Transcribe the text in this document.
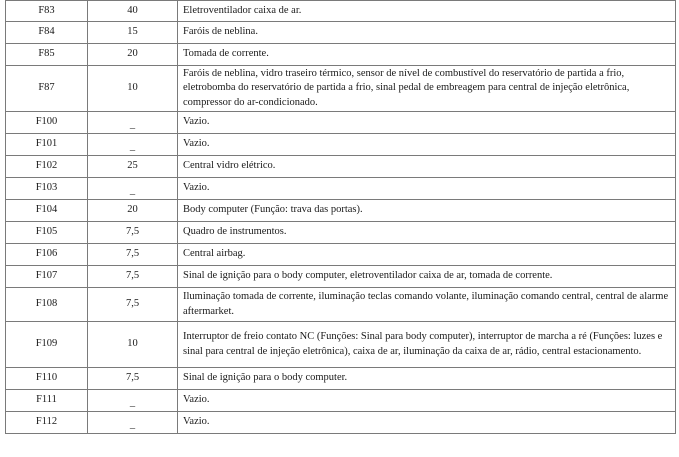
F83	40	Eletroventilador caixa de ar.
F84	15	Faróis de neblina.
F85	20	Tomada de corrente.
F87	10	Faróis de neblina, vidro traseiro térmico, sensor de nível de combustível do reservatório de partida a frio, eletrobomba do reservatório de partida a frio, sinal pedal de embreagem para central de injeção eletrônica, compressor do ar-condicionado.
F100	_	Vazio.
F101	_	Vazio.
F102	25	Central vidro elétrico.
F103	_	Vazio.
F104	20	Body computer (Função: trava das portas).
F105	7,5	Quadro de instrumentos.
F106	7,5	Central airbag.
F107	7,5	Sinal de ignição para o body computer, eletroventilador caixa de ar, tomada de corrente.
F108	7,5	Iluminação tomada de corrente, iluminação teclas comando volante, iluminação comando central, central de alarme aftermarket.
F109	10	Interruptor de freio contato NC (Funções: Sinal para body computer), interruptor de marcha a ré (Funções: luzes e sinal para central de injeção eletrônica), caixa de ar, iluminação da caixa de ar, rádio, central estacionamento.
F110	7,5	Sinal de ignição para o body computer.
F111	_	Vazio.
F112	_	Vazio.
